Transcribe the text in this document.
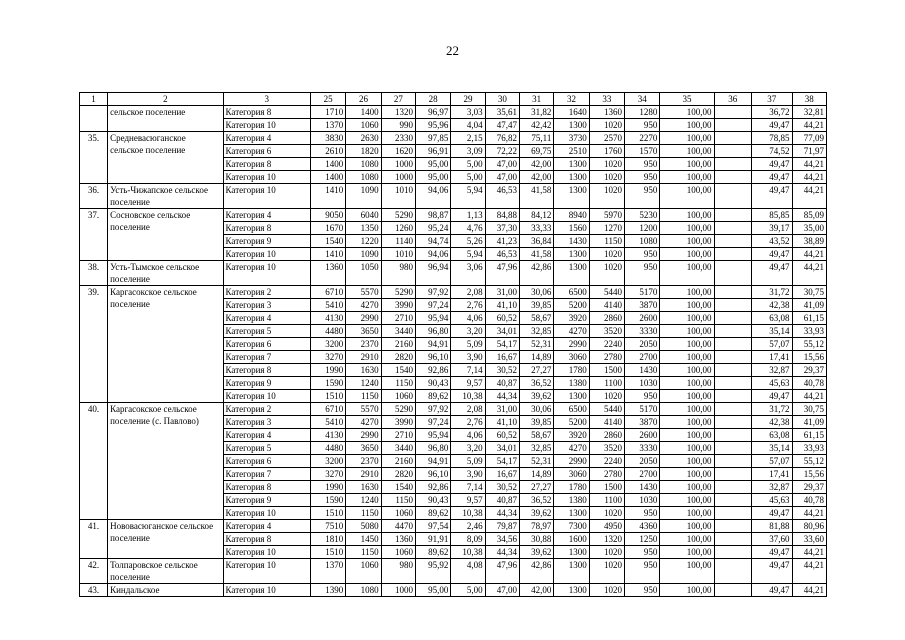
22
1	2	3	25	26	27	28	29	30	31	32	33	34	35	36	37	38
	сельское поселение	Категория 8	1710	1400	1320	96,97	3,03	35,61	31,82	1640	1360	1280	100,00		36,72	32,81
		Категория 10	1370	1060	990	95,96	4,04	47,47	42,42	1300	1020	950	100,00		49,47	44,21
35.	Средневасюганское сельское поселение	Категория 4	3830	2630	2330	97,85	2,15	76,82	75,11	3730	2570	2270	100,00		78,85	77,09
		Категория 6	2610	1820	1620	96,91	3,09	72,22	69,75	2510	1760	1570	100,00		74,52	71,97
		Категория 8	1400	1080	1000	95,00	5,00	47,00	42,00	1300	1020	950	100,00		49,47	44,21
		Категория 10	1400	1080	1000	95,00	5,00	47,00	42,00	1300	1020	950	100,00		49,47	44,21
36.	Усть-Чижапское сельское поселение	Категория 10	1410	1090	1010	94,06	5,94	46,53	41,58	1300	1020	950	100,00		49,47	44,21
37.	Сосновское сельское поселение	Категория 4	9050	6040	5290	98,87	1,13	84,88	84,12	8940	5970	5230	100,00		85,85	85,09
		Категория 8	1670	1350	1260	95,24	4,76	37,30	33,33	1560	1270	1200	100,00		39,17	35,00
		Категория 9	1540	1220	1140	94,74	5,26	41,23	36,84	1430	1150	1080	100,00		43,52	38,89
		Категория 10	1410	1090	1010	94,06	5,94	46,53	41,58	1300	1020	950	100,00		49,47	44,21
38.	Усть-Тымское сельское поселение	Категория 10	1360	1050	980	96,94	3,06	47,96	42,86	1300	1020	950	100,00		49,47	44,21
39.	Каргасокское сельское поселение	Категория 2	6710	5570	5290	97,92	2,08	31,00	30,06	6500	5440	5170	100,00		31,72	30,75
		Категория 3	5410	4270	3990	97,24	2,76	41,10	39,85	5200	4140	3870	100,00		42,38	41,09
		Категория 4	4130	2990	2710	95,94	4,06	60,52	58,67	3920	2860	2600	100,00		63,08	61,15
		Категория 5	4480	3650	3440	96,80	3,20	34,01	32,85	4270	3520	3330	100,00		35,14	33,93
		Категория 6	3200	2370	2160	94,91	5,09	54,17	52,31	2990	2240	2050	100,00		57,07	55,12
		Категория 7	3270	2910	2820	96,10	3,90	16,67	14,89	3060	2780	2700	100,00		17,41	15,56
		Категория 8	1990	1630	1540	92,86	7,14	30,52	27,27	1780	1500	1430	100,00		32,87	29,37
		Категория 9	1590	1240	1150	90,43	9,57	40,87	36,52	1380	1100	1030	100,00		45,63	40,78
		Категория 10	1510	1150	1060	89,62	10,38	44,34	39,62	1300	1020	950	100,00		49,47	44,21
40.	Каргасокское сельское поселение (с. Павлово)	Категория 2	6710	5570	5290	97,92	2,08	31,00	30,06	6500	5440	5170	100,00		31,72	30,75
		Категория 3	5410	4270	3990	97,24	2,76	41,10	39,85	5200	4140	3870	100,00		42,38	41,09
		Категория 4	4130	2990	2710	95,94	4,06	60,52	58,67	3920	2860	2600	100,00		63,08	61,15
		Категория 5	4480	3650	3440	96,80	3,20	34,01	32,85	4270	3520	3330	100,00		35,14	33,93
		Категория 6	3200	2370	2160	94,91	5,09	54,17	52,31	2990	2240	2050	100,00		57,07	55,12
		Категория 7	3270	2910	2820	96,10	3,90	16,67	14,89	3060	2780	2700	100,00		17,41	15,56
		Категория 8	1990	1630	1540	92,86	7,14	30,52	27,27	1780	1500	1430	100,00		32,87	29,37
		Категория 9	1590	1240	1150	90,43	9,57	40,87	36,52	1380	1100	1030	100,00		45,63	40,78
		Категория 10	1510	1150	1060	89,62	10,38	44,34	39,62	1300	1020	950	100,00		49,47	44,21
41.	Нововасюганское сельское поселение	Категория 4	7510	5080	4470	97,54	2,46	79,87	78,97	7300	4950	4360	100,00		81,88	80,96
		Категория 8	1810	1450	1360	91,91	8,09	34,56	30,88	1600	1320	1250	100,00		37,60	33,60
		Категория 10	1510	1150	1060	89,62	10,38	44,34	39,62	1300	1020	950	100,00		49,47	44,21
42.	Толпаровское сельское поселение	Категория 10	1370	1060	980	95,92	4,08	47,96	42,86	1300	1020	950	100,00		49,47	44,21
43.	Киндальское	Категория 10	1390	1080	1000	95,00	5,00	47,00	42,00	1300	1020	950	100,00		49,47	44,21
